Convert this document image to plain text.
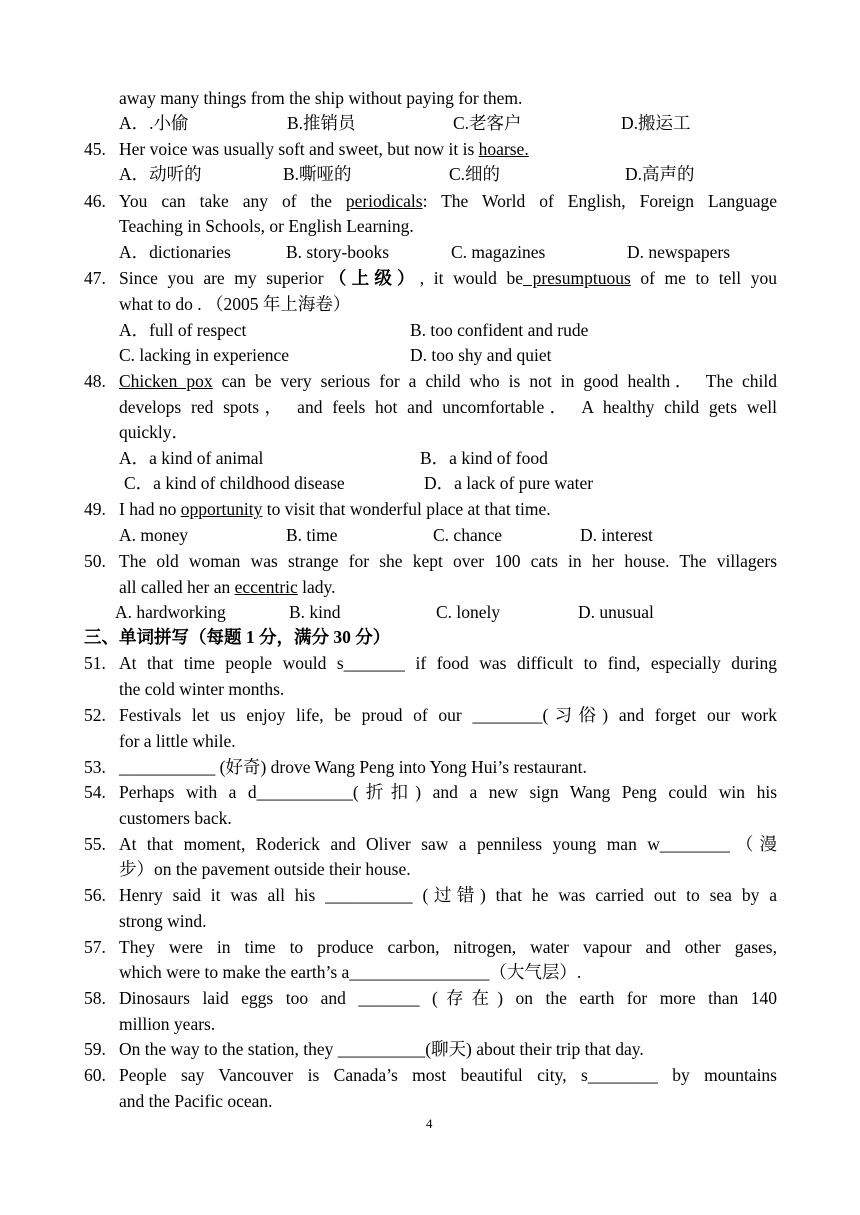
away many things from the ship without paying for them.
A．.小偷	B.推销员	C.老客户	D.搬运工
45. Her voice was usually soft and sweet, but now it is hoarse.
A．动听的	B.嘶哑的	C.细的	D.高声的
46. You can take any of the periodicals: The World of English, Foreign Language
Teaching in Schools, or English Learning.
A．dictionaries	B. story-books	C. magazines	D. newspapers
47. Since you are my superior（上级）, it would be presumptuous of me to tell you
what to do . （2005 年上海卷）
A．full of respect	B. too confident and rude
C. lacking in experience	D. too shy and quiet
48. Chicken pox can be very serious for a child who is not in good health． The child
develops red spots， and feels hot and uncomfortable． A healthy child gets well
quickly．
A．a kind of animal	B．a kind of food
C．a kind of childhood disease	D．a lack of pure water
49. I had no opportunity to visit that wonderful place at that time.
A. money	B. time	C. chance	D. interest
50. The old woman was strange for she kept over 100 cats in her house. The villagers
all called her an eccentric lady.
A. hardworking	B. kind	C. lonely	D. unusual
三、单词拼写（每题 1 分，满分 30 分）
51. At that time people would s_______ if food was difficult to find, especially during
the cold winter months.
52. Festivals let us enjoy life, be proud of our ________(习俗) and forget our work
for a little while.
53. ___________ (好奇) drove Wang Peng into Yong Hui’s restaurant.
54. Perhaps with a d___________(折扣) and a new sign Wang Peng could win his
customers back.
55. At that moment, Roderick and Oliver saw a penniless young man w________（漫
步）on the pavement outside their house.
56. Henry said it was all his __________ (过错) that he was carried out to sea by a
strong wind.
57. They were in time to produce carbon, nitrogen, water vapour and other gases,
which were to make the earth’s a________________（大气层）.
58. Dinosaurs laid eggs too and _______ (存在) on the earth for more than 140
million years.
59. On the way to the station, they __________(聊天) about their trip that day.
60. People say Vancouver is Canada’s most beautiful city, s________ by mountains
and the Pacific ocean.
4
